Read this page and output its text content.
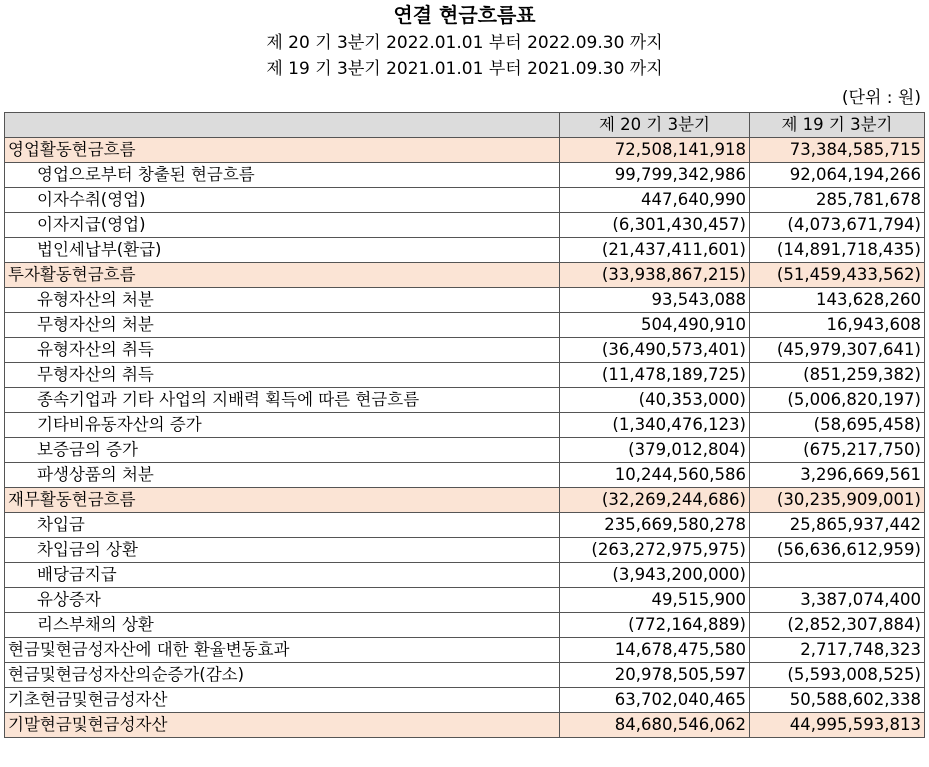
연결 현금흐름표
제 20 기 3분기 2022.01.01 부터 2022.09.30 까지
제 19 기 3분기 2021.01.01 부터 2021.09.30 까지
(단위 : 원)
	제 20 기 3분기	제 19 기 3분기
영업활동현금흐름	72,508,141,918	73,384,585,715
영업으로부터 창출된 현금흐름	99,799,342,986	92,064,194,266
이자수취(영업)	447,640,990	285,781,678
이자지급(영업)	(6,301,430,457)	(4,073,671,794)
법인세납부(환급)	(21,437,411,601)	(14,891,718,435)
투자활동현금흐름	(33,938,867,215)	(51,459,433,562)
유형자산의 처분	93,543,088	143,628,260
무형자산의 처분	504,490,910	16,943,608
유형자산의 취득	(36,490,573,401)	(45,979,307,641)
무형자산의 취득	(11,478,189,725)	(851,259,382)
종속기업과 기타 사업의 지배력 획득에 따른 현금흐름	(40,353,000)	(5,006,820,197)
기타비유동자산의 증가	(1,340,476,123)	(58,695,458)
보증금의 증가	(379,012,804)	(675,217,750)
파생상품의 처분	10,244,560,586	3,296,669,561
재무활동현금흐름	(32,269,244,686)	(30,235,909,001)
차입금	235,669,580,278	25,865,937,442
차입금의 상환	(263,272,975,975)	(56,636,612,959)
배당금지급	(3,943,200,000)	
유상증자	49,515,900	3,387,074,400
리스부채의 상환	(772,164,889)	(2,852,307,884)
현금및현금성자산에 대한 환율변동효과	14,678,475,580	2,717,748,323
현금및현금성자산의순증가(감소)	20,978,505,597	(5,593,008,525)
기초현금및현금성자산	63,702,040,465	50,588,602,338
기말현금및현금성자산	84,680,546,062	44,995,593,813
